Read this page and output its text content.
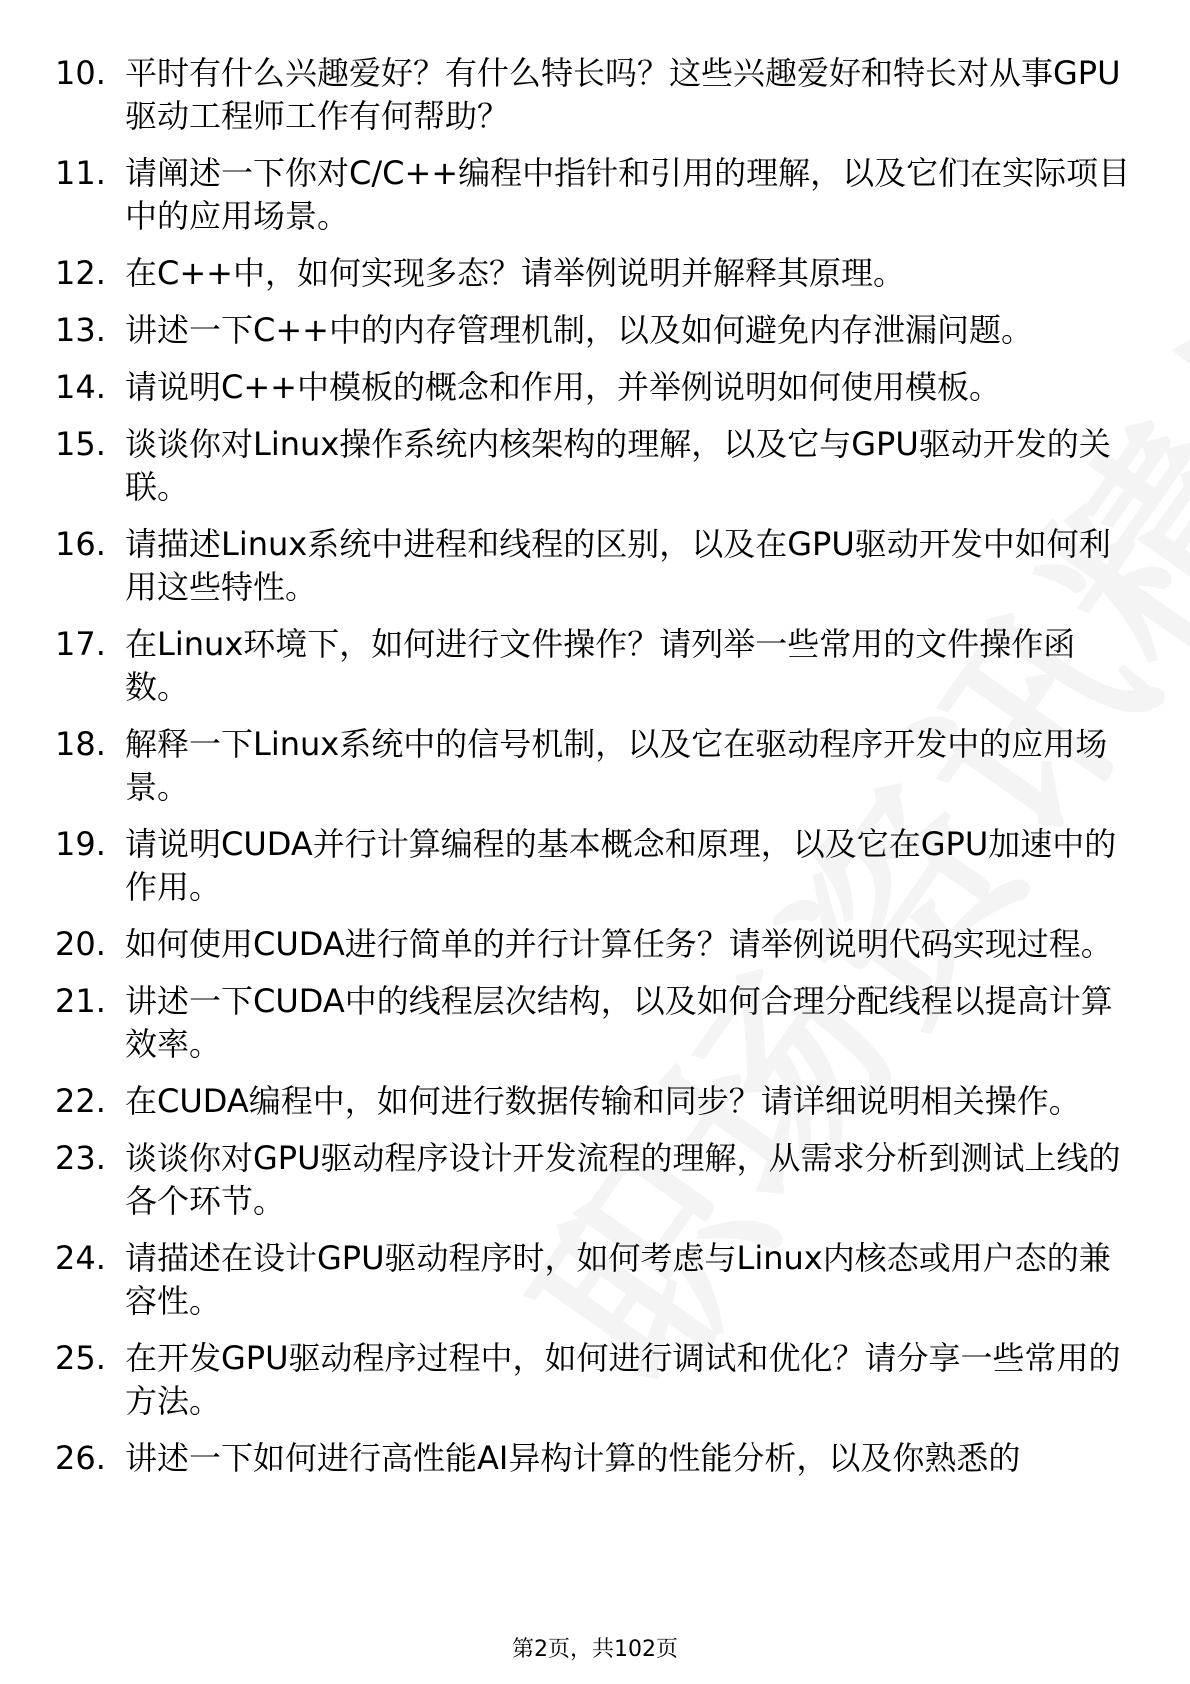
10. 平时有什么兴趣爱好？有什么特长吗？这些兴趣爱好和特长对从事GPU驱动工程师工作有何帮助？
11. 请阐述一下你对C/C++编程中指针和引用的理解，以及它们在实际项目中的应用场景。
12. 在C++中，如何实现多态？请举例说明并解释其原理。
13. 讲述一下C++中的内存管理机制，以及如何避免内存泄漏问题。
14. 请说明C++中模板的概念和作用，并举例说明如何使用模板。
15. 谈谈你对Linux操作系统内核架构的理解，以及它与GPU驱动开发的关联。
16. 请描述Linux系统中进程和线程的区别，以及在GPU驱动开发中如何利用这些特性。
17. 在Linux环境下，如何进行文件操作？请列举一些常用的文件操作函数。
18. 解释一下Linux系统中的信号机制，以及它在驱动程序开发中的应用场景。
19. 请说明CUDA并行计算编程的基本概念和原理，以及它在GPU加速中的作用。
20. 如何使用CUDA进行简单的并行计算任务？请举例说明代码实现过程。
21. 讲述一下CUDA中的线程层次结构，以及如何合理分配线程以提高计算效率。
22. 在CUDA编程中，如何进行数据传输和同步？请详细说明相关操作。
23. 谈谈你对GPU驱动程序设计开发流程的理解，从需求分析到测试上线的各个环节。
24. 请描述在设计GPU驱动程序时，如何考虑与Linux内核态或用户态的兼容性。
25. 在开发GPU驱动程序过程中，如何进行调试和优化？请分享一些常用的方法。
26. 讲述一下如何进行高性能AI异构计算的性能分析，以及你熟悉的
第2页，共102页
